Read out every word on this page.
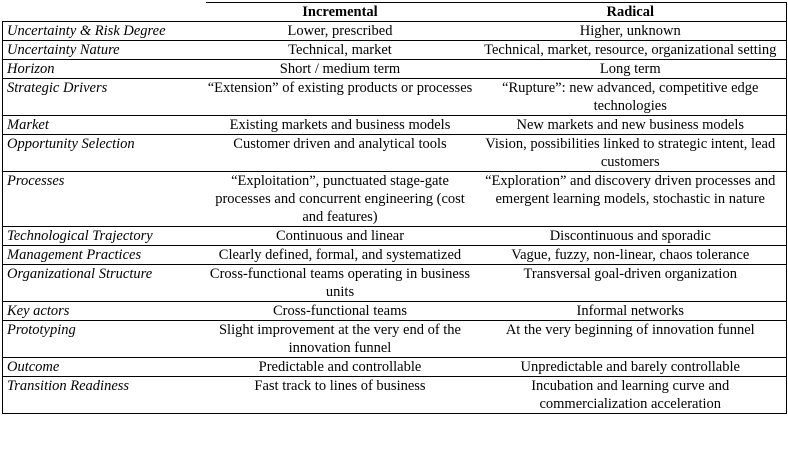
	Incremental	Radical
Uncertainty & Risk Degree	Lower, prescribed	Higher, unknown
Uncertainty Nature	Technical, market	Technical, market, resource, organizational setting
Horizon	Short / medium term	Long term
Strategic Drivers	“Extension” of existing products or processes	“Rupture”: new advanced, competitive edge technologies
Market	Existing markets and business models	New markets and new business models
Opportunity Selection	Customer driven and analytical tools	Vision, possibilities linked to strategic intent, lead customers
Processes	“Exploitation”, punctuated stage-gate processes and concurrent engineering (cost and features)	“Exploration” and discovery driven processes and emergent learning models, stochastic in nature
Technological Trajectory	Continuous and linear	Discontinuous and sporadic
Management Practices	Clearly defined, formal, and systematized	Vague, fuzzy, non-linear, chaos tolerance
Organizational Structure	Cross-functional teams operating in business units	Transversal goal-driven organization
Key actors	Cross-functional teams	Informal networks
Prototyping	Slight improvement at the very end of the innovation funnel	At the very beginning of innovation funnel
Outcome	Predictable and controllable	Unpredictable and barely controllable
Transition Readiness	Fast track to lines of business	Incubation and learning curve and commercialization acceleration
